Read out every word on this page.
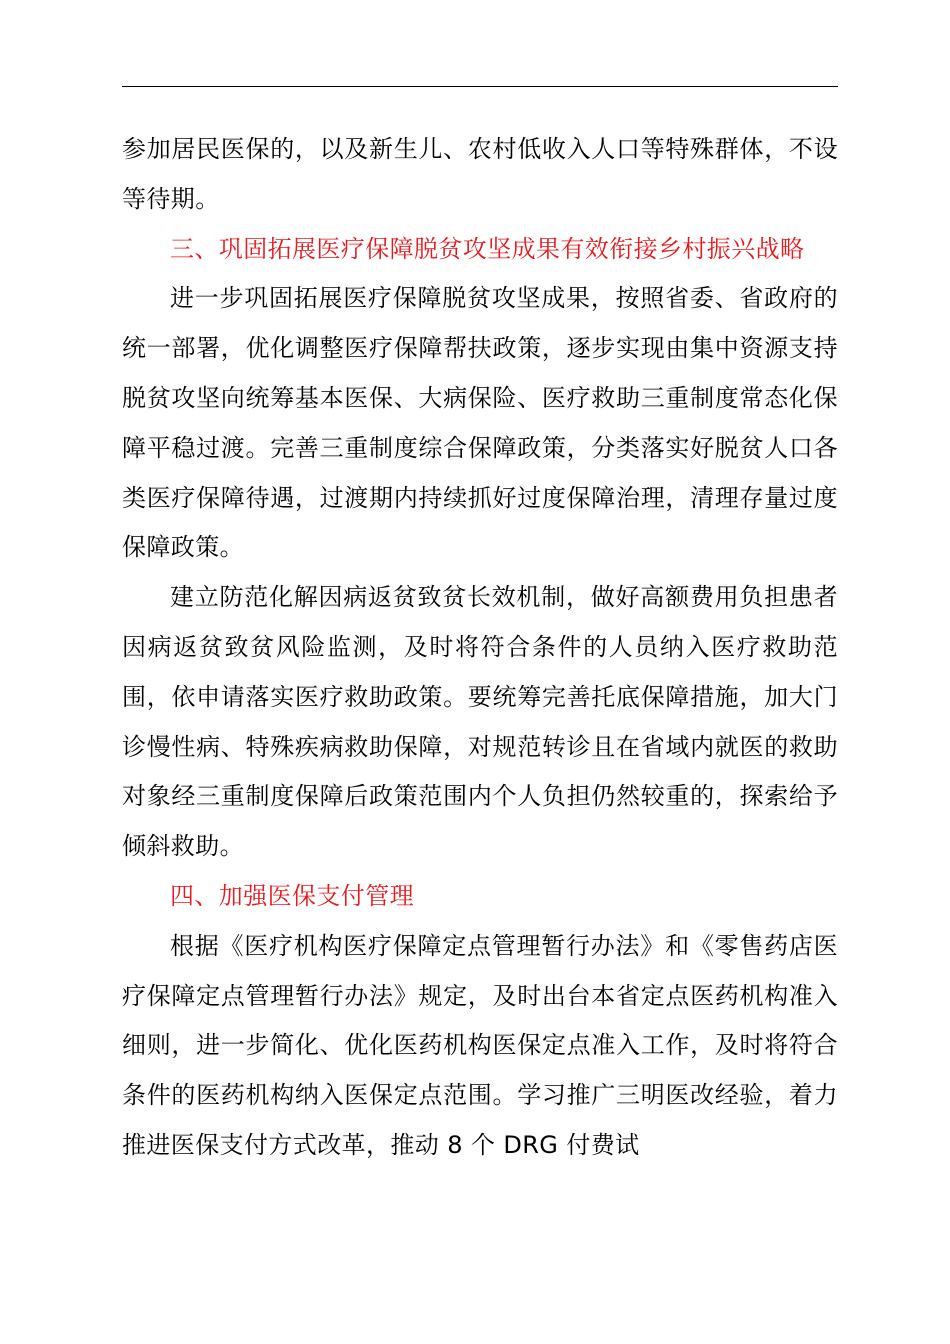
参加居民医保的，以及新生儿、农村低收入人口等特殊群体，不设等待期。

三、巩固拓展医疗保障脱贫攻坚成果有效衔接乡村振兴战略

进一步巩固拓展医疗保障脱贫攻坚成果，按照省委、省政府的统一部署，优化调整医疗保障帮扶政策，逐步实现由集中资源支持脱贫攻坚向统筹基本医保、大病保险、医疗救助三重制度常态化保障平稳过渡。完善三重制度综合保障政策，分类落实好脱贫人口各类医疗保障待遇，过渡期内持续抓好过度保障治理，清理存量过度保障政策。

建立防范化解因病返贫致贫长效机制，做好高额费用负担患者因病返贫致贫风险监测，及时将符合条件的人员纳入医疗救助范围，依申请落实医疗救助政策。要统筹完善托底保障措施，加大门诊慢性病、特殊疾病救助保障，对规范转诊且在省域内就医的救助对象经三重制度保障后政策范围内个人负担仍然较重的，探索给予倾斜救助。

四、加强医保支付管理

根据《医疗机构医疗保障定点管理暂行办法》和《零售药店医疗保障定点管理暂行办法》规定，及时出台本省定点医药机构准入细则，进一步简化、优化医药机构医保定点准入工作，及时将符合条件的医药机构纳入医保定点范围。学习推广三明医改经验，着力推进医保支付方式改革，推动 8 个 DRG 付费试
